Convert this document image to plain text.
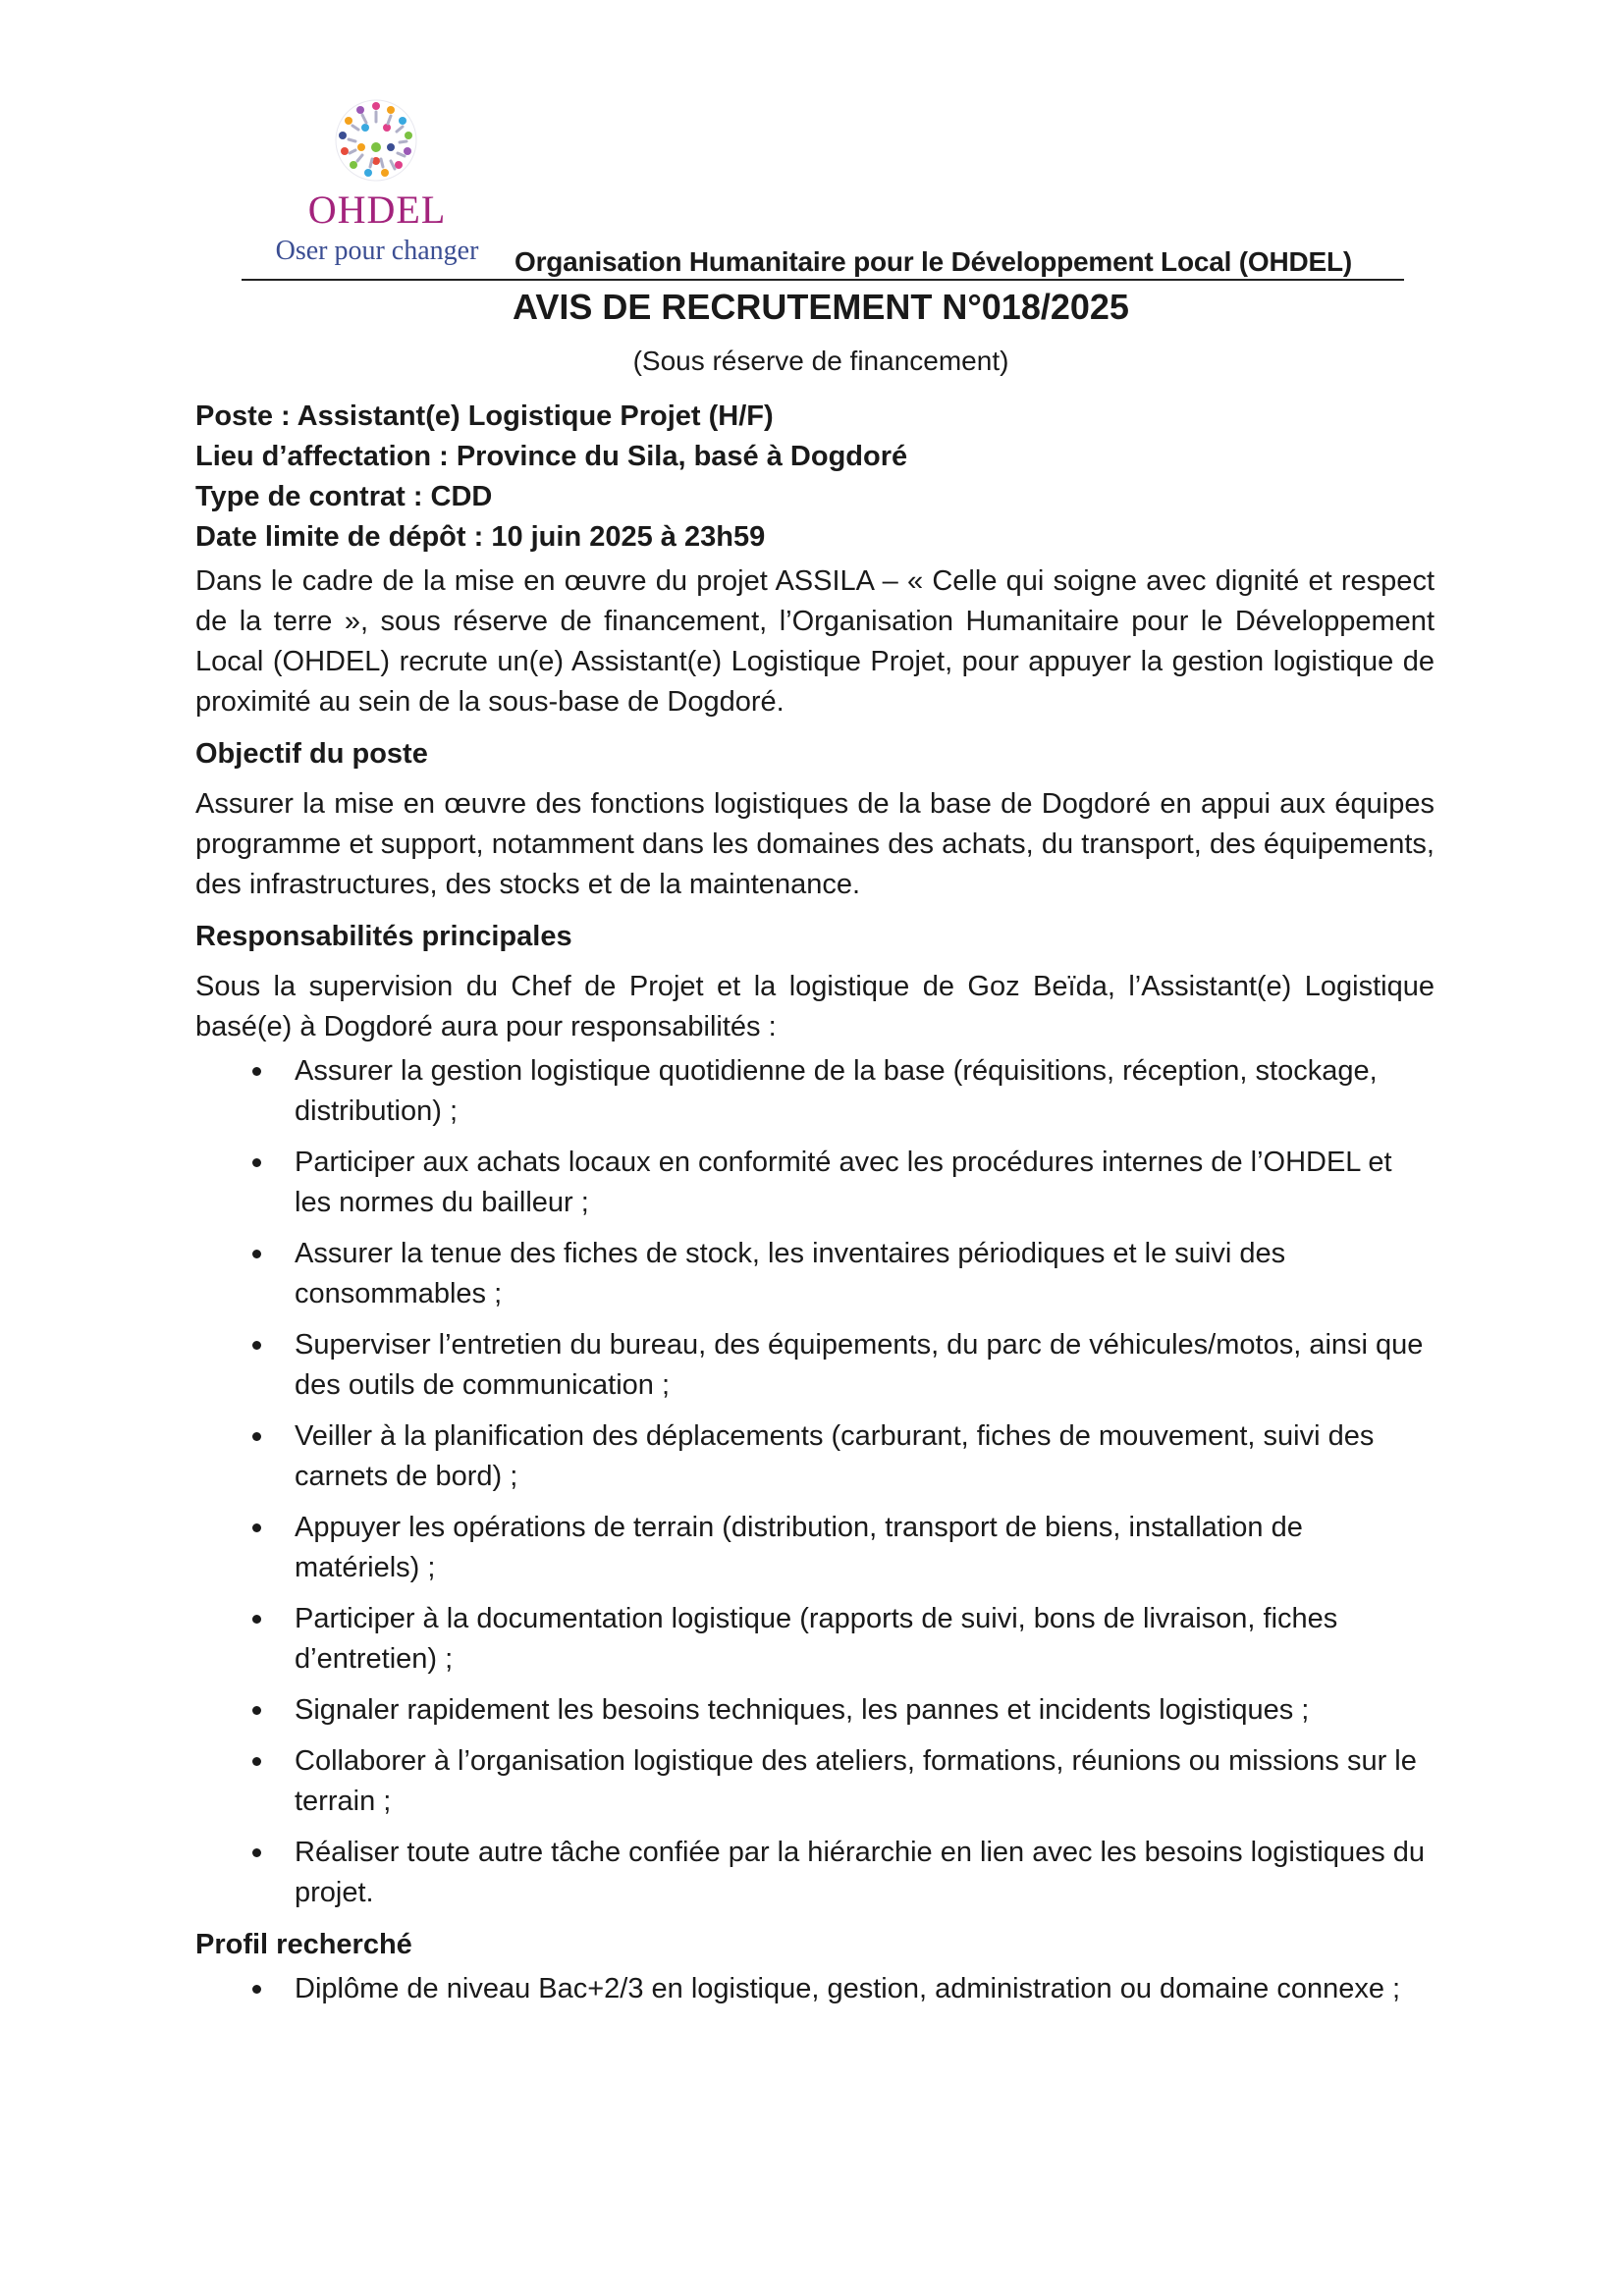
OHDEL
Oser pour changer	Organisation Humanitaire pour le Développement Local (OHDEL)
AVIS DE RECRUTEMENT N°018/2025
(Sous réserve de financement)

Poste : Assistant(e) Logistique Projet (H/F)

Lieu d’affectation : Province du Sila, basé à Dogdoré

Type de contrat : CDD

Date limite de dépôt : 10 juin 2025 à 23h59

Dans le cadre de la mise en œuvre du projet ASSILA – « Celle qui soigne avec dignité et respect de la terre », sous réserve de financement, l’Organisation Humanitaire pour le Développement Local (OHDEL) recrute un(e) Assistant(e) Logistique Projet, pour appuyer la gestion logistique de proximité au sein de la sous-base de Dogdoré.

Objectif du poste

Assurer la mise en œuvre des fonctions logistiques de la base de Dogdoré en appui aux équipes programme et support, notamment dans les domaines des achats, du transport, des équipements, des infrastructures, des stocks et de la maintenance.

Responsabilités principales

Sous la supervision du Chef de Projet et la logistique de Goz Beïda, l’Assistant(e) Logistique basé(e) à Dogdoré aura pour responsabilités :

Assurer la gestion logistique quotidienne de la base (réquisitions, réception, stockage, distribution) ;
Participer aux achats locaux en conformité avec les procédures internes de l’OHDEL et les normes du bailleur ;
Assurer la tenue des fiches de stock, les inventaires périodiques et le suivi des consommables ;
Superviser l’entretien du bureau, des équipements, du parc de véhicules/motos, ainsi que des outils de communication ;
Veiller à la planification des déplacements (carburant, fiches de mouvement, suivi des carnets de bord) ;
Appuyer les opérations de terrain (distribution, transport de biens, installation de matériels) ;
Participer à la documentation logistique (rapports de suivi, bons de livraison, fiches d’entretien) ;
Signaler rapidement les besoins techniques, les pannes et incidents logistiques ;
Collaborer à l’organisation logistique des ateliers, formations, réunions ou missions sur le terrain ;
Réaliser toute autre tâche confiée par la hiérarchie en lien avec les besoins logistiques du projet.

Profil recherché

Diplôme de niveau Bac+2/3 en logistique, gestion, administration ou domaine connexe ;
